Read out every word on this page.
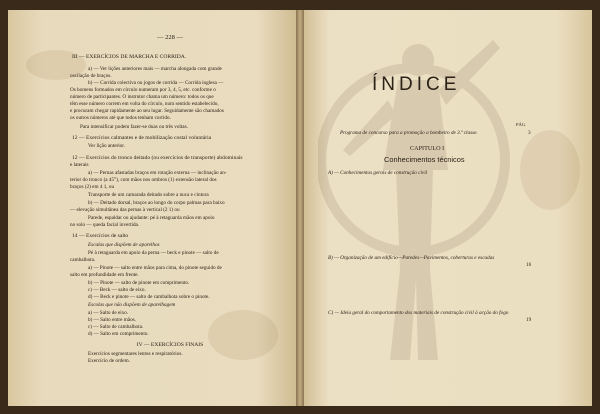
— 228 —
III — EXERCÍCIOS DE MARCHA E CORRIDA.
a) — Ver lições anteriores mais — marcha alongada com grande
oscilação de braços.
b) — Corrida colectiva ou jogos de corrida — Corrida inglesa —
Os homens formados em círculo numeram por 3, 4, 5, etc. conforme o
número de participantes. O instrutor chama um número: todos os que
têm esse número correm em volta do círculo, num sentido estabelecido,
e procuram chegar rapidamente ao seu lugar. Seguidamente são chamados
os outros números até que todos tenham corrido.
Para intensificar podem fazer-se duas ou três voltas.
12 — Exercícios calmantes e de mobilização costal voluntária
Ver lição anterior.
12 — Exercícios do tronco deitado (ou exercícios de transporte) abdominais
e laterais
a) — Pernas afastadas braços em rotação externa — inclinação an-
terior do tronco (a 45°), com mãos nos ombros (1) extensão lateral dos
braços (2) em 4 1, ou
Transporte de um camarada deitado sobre a nuca e cintura
b) — Deitado dorsal, braços ao longo do corpo palmas para baixo
— elevação simultânea das pernas à vertical (2 1) ou
Parede, espaldar ou ajudante: pé à retaguarda mãos em apoio
no solo — queda facial invertida.
14 — Exercícios de salto
Escalas que dispõem de aparelhos
Pé à retaguarda em apoio da perna — beck e pinote — salto de
cambalhota.
a) — Pinote — salto entre mãos para cima, do pinote seguido de
salto em profundidade em frente.
b) — Pinote — salto de pinote em comprimento.
c) — Beck — salto de eixo.
d) — Beck e pinote — salto de cambalhota sobre o pinote.
Escolas que não dispõem de aparelhagem
a) — Salto de eixo.
b) — Salto entre mãos.
c) — Salto de cambalhota.
d) — Salto em comprimento.
IV — EXERCÍCIOS FINAIS
Exercícios segmentares lentos e respiratórios.
Exercício de ordem.
ÍNDICE
PÁG.
Programa de concurso para a promoção a bombeiro de 3.ª classe.	3
CAPITULO I
Conhecimentos técnicos
A) — Conhecimentos gerais de construção civil
B) — Organização de um edifício—Paredes—Pavimentos, coberturas e escadas
16
C) — Ideia geral do comportamento dos materiais de construção civil à acção do fogo
19
